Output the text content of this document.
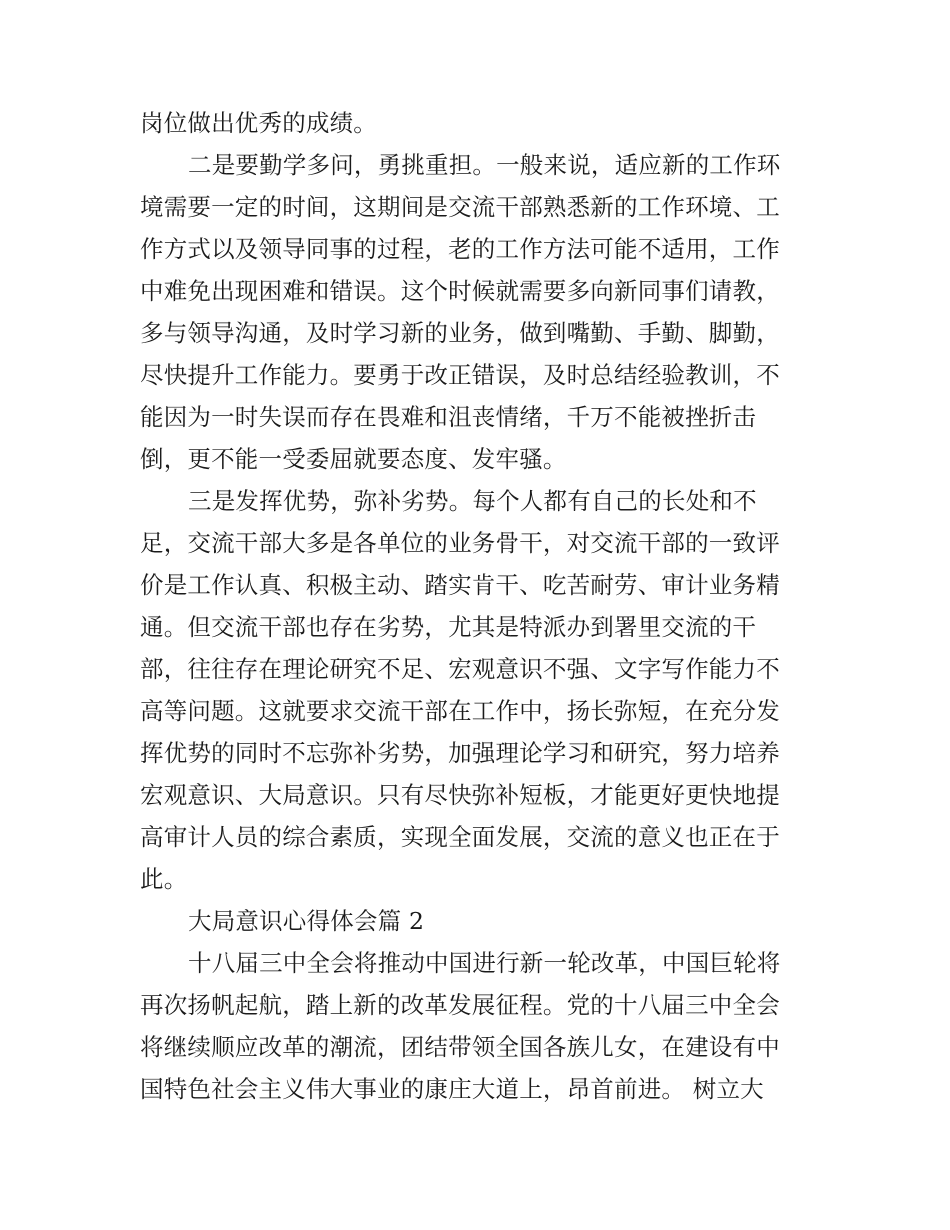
岗位做出优秀的成绩。
二是要勤学多问，勇挑重担。一般来说，适应新的工作环
境需要一定的时间，这期间是交流干部熟悉新的工作环境、工
作方式以及领导同事的过程，老的工作方法可能不适用，工作
中难免出现困难和错误。这个时候就需要多向新同事们请教，
多与领导沟通，及时学习新的业务，做到嘴勤、手勤、脚勤，
尽快提升工作能力。要勇于改正错误，及时总结经验教训，不
能因为一时失误而存在畏难和沮丧情绪，千万不能被挫折击
倒，更不能一受委屈就要态度、发牢骚。
三是发挥优势，弥补劣势。每个人都有自己的长处和不
足，交流干部大多是各单位的业务骨干，对交流干部的一致评
价是工作认真、积极主动、踏实肯干、吃苦耐劳、审计业务精
通。但交流干部也存在劣势，尤其是特派办到署里交流的干
部，往往存在理论研究不足、宏观意识不强、文字写作能力不
高等问题。这就要求交流干部在工作中，扬长弥短，在充分发
挥优势的同时不忘弥补劣势，加强理论学习和研究，努力培养
宏观意识、大局意识。只有尽快弥补短板，才能更好更快地提
高审计人员的综合素质，实现全面发展，交流的意义也正在于
此。
大局意识心得体会篇 2
十八届三中全会将推动中国进行新一轮改革，中国巨轮将
再次扬帆起航，踏上新的改革发展征程。党的十八届三中全会
将继续顺应改革的潮流，团结带领全国各族儿女，在建设有中
国特色社会主义伟大事业的康庄大道上，昂首前进。 树立大
